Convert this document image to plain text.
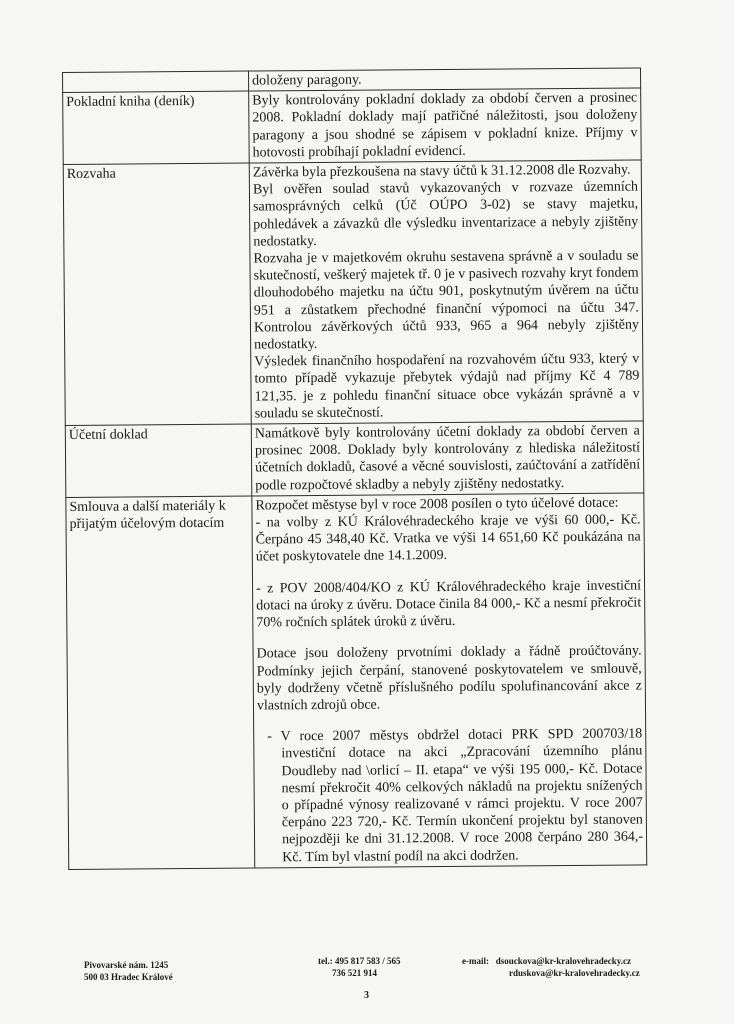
	doloženy paragony.

Pokladní kniha (deník)	Byly kontrolovány pokladní doklady za období červen a prosinec 2008. Pokladní doklady mají patřičné náležitosti, jsou doloženy paragony a jsou shodné se zápisem v pokladní knize. Příjmy v hotovosti probíhají pokladní evidencí.

Rozvaha	Závěrka byla přezkoušena na stavy účtů k 31.12.2008 dle Rozvahy.

Byl ověřen soulad stavů vykazovaných v rozvaze územních samosprávných celků (Úč OÚPO 3-02) se stavy majetku, pohledávek a závazků dle výsledku inventarizace a nebyly zjištěny nedostatky.

Rozvaha je v majetkovém okruhu sestavena správně a v souladu se skutečností, veškerý majetek tř. 0 je v pasivech rozvahy kryt fondem dlouhodobého majetku na účtu 901, poskytnutým úvěrem na účtu 951 a zůstatkem přechodné finanční výpomoci na účtu 347. Kontrolou závěrkových účtů 933, 965 a 964 nebyly zjištěny nedostatky.

Výsledek finančního hospodaření na rozvahovém účtu 933, který v tomto případě vykazuje přebytek výdajů nad příjmy Kč 4 789 121,35. je z pohledu finanční situace obce vykázán správně a v souladu se skutečností.

Účetní doklad	Namátkově byly kontrolovány účetní doklady za období červen a prosinec 2008. Doklady byly kontrolovány z hlediska náležitostí účetních dokladů, časové a věcné souvislosti, zaúčtování a zatřídění podle rozpočtové skladby a nebyly zjištěny nedostatky.

Smlouva a další materiály k přijatým účelovým dotacím	Rozpočet městyse byl v roce 2008 posílen o tyto účelové dotace:

- na volby z KÚ Královéhradeckého kraje ve výši 60 000,- Kč. Čerpáno 45 348,40 Kč. Vratka ve výši 14 651,60 Kč poukázána na účet poskytovatele dne 14.1.2009.

- z POV 2008/404/KO z KÚ Královéhradeckého kraje investiční dotaci na úroky z úvěru. Dotace činila 84 000,- Kč a nesmí překročit 70% ročních splátek úroků z úvěru.

Dotace jsou doloženy prvotními doklady a řádně proúčtovány. Podmínky jejich čerpání, stanovené poskytovatelem ve smlouvě, byly dodrženy včetně příslušného podílu spolufinancování akce z vlastních zdrojů obce.

- V roce 2007 městys obdržel dotaci PRK SPD 200703/18 investiční dotace na akci „Zpracování územního plánu Doudleby nad \orlicí – II. etapa“ ve výši 195 000,- Kč. Dotace nesmí překročit 40% celkových nákladů na projektu snížených o případné výnosy realizované v rámci projektu. V roce 2007 čerpáno 223 720,- Kč. Termín ukončení projektu byl stanoven nejpozději ke dni 31.12.2008. V roce 2008 čerpáno 280 364,- Kč. Tím byl vlastní podíl na akci dodržen.

Pivovarské nám. 1245
500 03 Hradec Králové
tel.: 495 817 583 / 565
736 521 914
e-mail: dsouckova@kr-kralovehradecky.cz
rduskova@kr-kralovehradecky.cz
3
